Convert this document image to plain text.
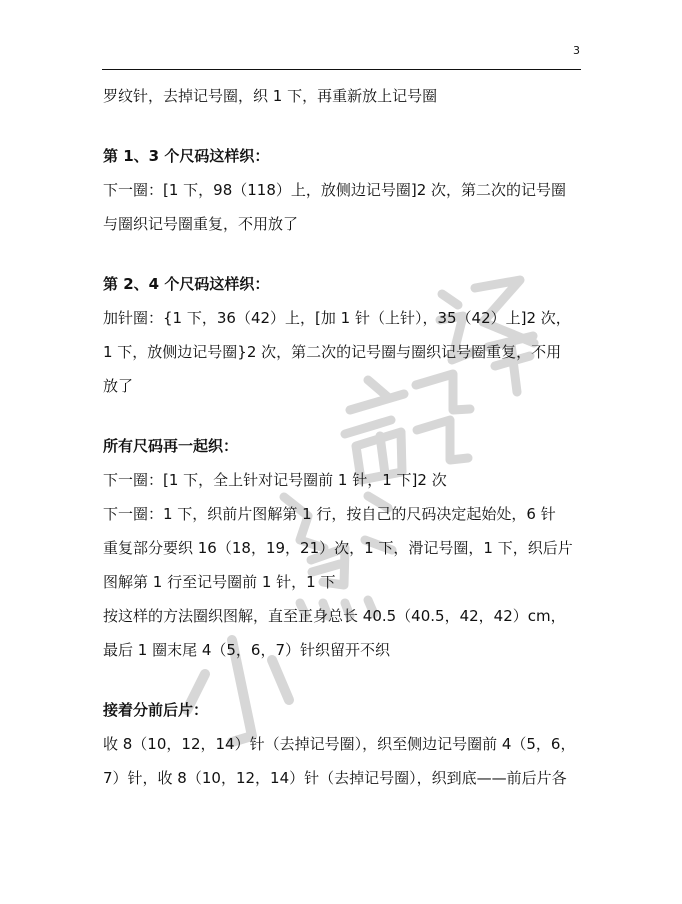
3
罗纹针，去掉记号圈，织 1 下，再重新放上记号圈
第 1、3 个尺码这样织：
下一圈：[1 下，98（118）上，放侧边记号圈]2 次，第二次的记号圈
与圈织记号圈重复，不用放了
第 2、4 个尺码这样织：
加针圈：{1 下，36（42）上，[加 1 针（上针），35（42）上]2 次，
1 下，放侧边记号圈}2 次，第二次的记号圈与圈织记号圈重复，不用
放了
所有尺码再一起织：
下一圈：[1 下，全上针对记号圈前 1 针，1 下]2 次
下一圈：1 下，织前片图解第 1 行，按自己的尺码决定起始处，6 针
重复部分要织 16（18，19，21）次，1 下，滑记号圈，1 下，织后片
图解第 1 行至记号圈前 1 针，1 下
按这样的方法圈织图解，直至正身总长 40.5（40.5，42，42）cm，
最后 1 圈末尾 4（5，6，7）针织留开不织
接着分前后片：
收 8（10，12，14）针（去掉记号圈），织至侧边记号圈前 4（5，6，
7）针，收 8（10，12，14）针（去掉记号圈），织到底——前后片各
